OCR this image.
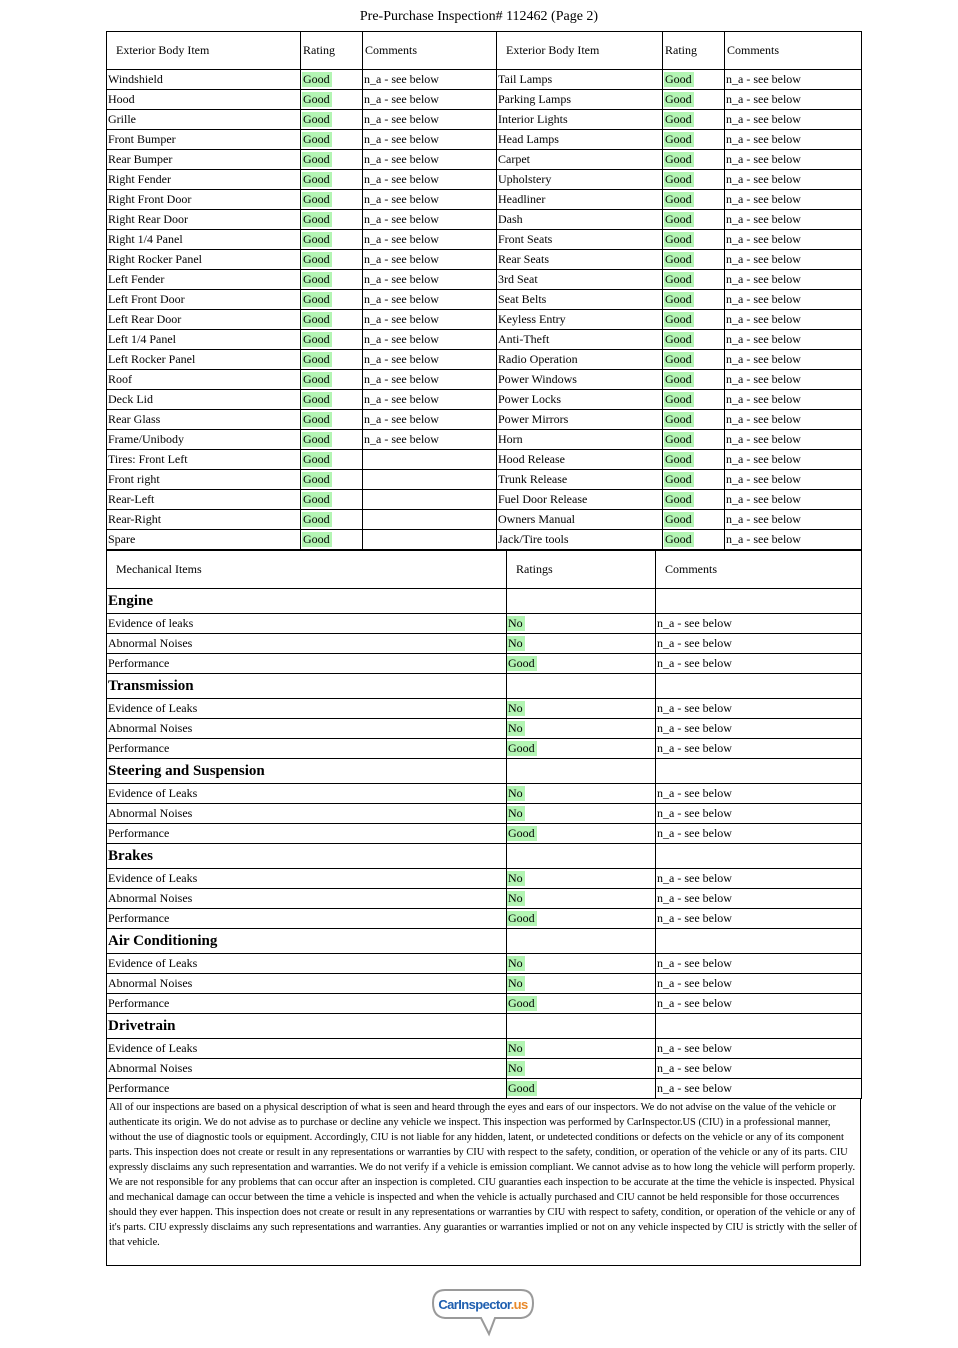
Pre-Purchase Inspection# 112462 (Page 2)
Exterior Body Item	Rating	Comments	Exterior Body Item	Rating	Comments
Windshield	Good	n_a - see below	Tail Lamps	Good	n_a - see below
Hood	Good	n_a - see below	Parking Lamps	Good	n_a - see below
Grille	Good	n_a - see below	Interior Lights	Good	n_a - see below
Front Bumper	Good	n_a - see below	Head Lamps	Good	n_a - see below
Rear Bumper	Good	n_a - see below	Carpet	Good	n_a - see below
Right Fender	Good	n_a - see below	Upholstery	Good	n_a - see below
Right Front Door	Good	n_a - see below	Headliner	Good	n_a - see below
Right Rear Door	Good	n_a - see below	Dash	Good	n_a - see below
Right 1/4 Panel	Good	n_a - see below	Front Seats	Good	n_a - see below
Right Rocker Panel	Good	n_a - see below	Rear Seats	Good	n_a - see below
Left Fender	Good	n_a - see below	3rd Seat	Good	n_a - see below
Left Front Door	Good	n_a - see below	Seat Belts	Good	n_a - see below
Left Rear Door	Good	n_a - see below	Keyless Entry	Good	n_a - see below
Left 1/4 Panel	Good	n_a - see below	Anti-Theft	Good	n_a - see below
Left Rocker Panel	Good	n_a - see below	Radio Operation	Good	n_a - see below
Roof	Good	n_a - see below	Power Windows	Good	n_a - see below
Deck Lid	Good	n_a - see below	Power Locks	Good	n_a - see below
Rear Glass	Good	n_a - see below	Power Mirrors	Good	n_a - see below
Frame/Unibody	Good	n_a - see below	Horn	Good	n_a - see below
Tires: Front Left	Good		Hood Release	Good	n_a - see below
Front right	Good		Trunk Release	Good	n_a - see below
Rear-Left	Good		Fuel Door Release	Good	n_a - see below
Rear-Right	Good		Owners Manual	Good	n_a - see below
Spare	Good		Jack/Tire tools	Good	n_a - see below
Mechanical Items	Ratings	Comments
Engine		
Evidence of leaks	No	n_a - see below
Abnormal Noises	No	n_a - see below
Performance	Good	n_a - see below
Transmission		
Evidence of Leaks	No	n_a - see below
Abnormal Noises	No	n_a - see below
Performance	Good	n_a - see below
Steering and Suspension		
Evidence of Leaks	No	n_a - see below
Abnormal Noises	No	n_a - see below
Performance	Good	n_a - see below
Brakes		
Evidence of Leaks	No	n_a - see below
Abnormal Noises	No	n_a - see below
Performance	Good	n_a - see below
Air Conditioning		
Evidence of Leaks	No	n_a - see below
Abnormal Noises	No	n_a - see below
Performance	Good	n_a - see below
Drivetrain		
Evidence of Leaks	No	n_a - see below
Abnormal Noises	No	n_a - see below
Performance	Good	n_a - see below
All of our inspections are based on a physical description of what is seen and heard through the eyes and ears of our inspectors. We do not advise on the value of the vehicle or authenticate its origin. We do not advise as to purchase or decline any vehicle we inspect. This inspection was performed by CarInspector.US (CIU) in a professional manner, without the use of diagnostic tools or equipment. Accordingly, CIU is not liable for any hidden, latent, or undetected conditions or defects on the vehicle or any of its component parts. This inspection does not create or result in any representations or warranties by CIU with respect to the safety, condition, or operation of the vehicle or any of its parts. CIU expressly disclaims any such representation and warranties. We do not verify if a vehicle is emission compliant. We cannot advise as to how long the vehicle will perform properly. We are not responsible for any problems that can occur after an inspection is completed. CIU guaranties each inspection to be accurate at the time the vehicle is inspected. Physical and mechanical damage can occur between the time a vehicle is inspected and when the vehicle is actually purchased and CIU cannot be held responsible for those occurrences should they ever happen. This inspection does not create or result in any representations or warranties by CIU with respect to safety, condition, or operation of the vehicle or any of it's parts. CIU expressly disclaims any such representations and warranties. Any guaranties or warranties implied or not on any vehicle inspected by CIU is strictly with the seller of that vehicle.
CarInspector.us
